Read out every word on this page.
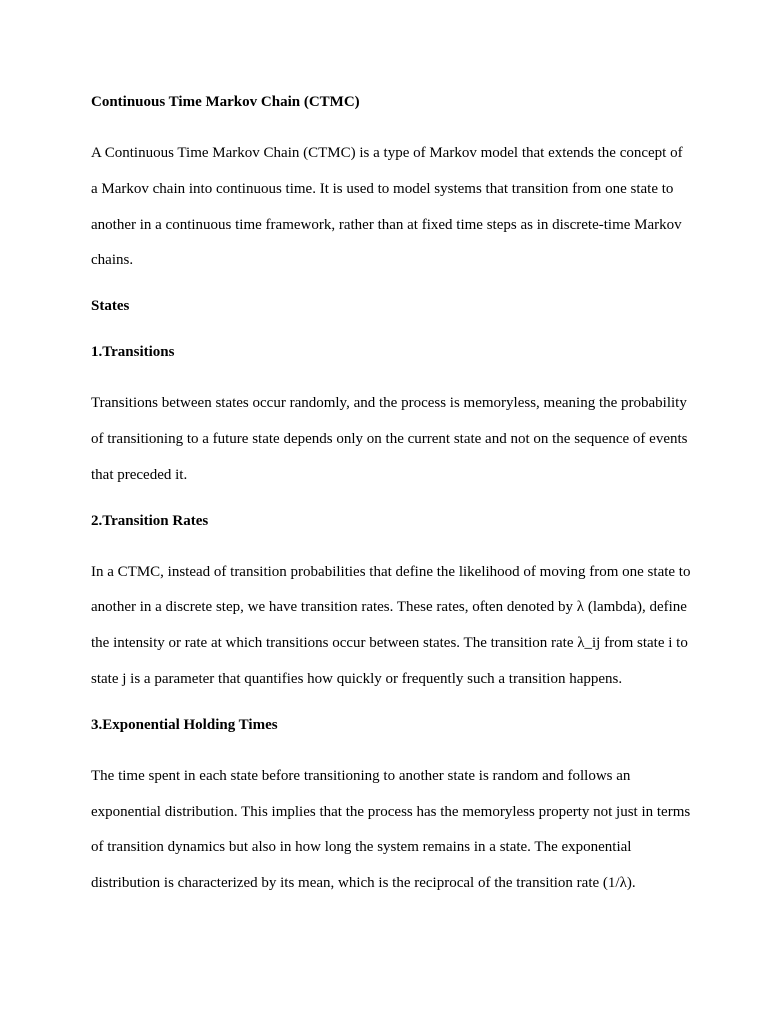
Continuous Time Markov Chain (CTMC)

A Continuous Time Markov Chain (CTMC) is a type of Markov model that extends the concept of a Markov chain into continuous time. It is used to model systems that transition from one state to another in a continuous time framework, rather than at fixed time steps as in discrete-time Markov chains.

States

1.Transitions

Transitions between states occur randomly, and the process is memoryless, meaning the probability of transitioning to a future state depends only on the current state and not on the sequence of events that preceded it.

2.Transition Rates

In a CTMC, instead of transition probabilities that define the likelihood of moving from one state to another in a discrete step, we have transition rates. These rates, often denoted by λ (lambda), define the intensity or rate at which transitions occur between states. The transition rate λ_ij from state i to state j is a parameter that quantifies how quickly or frequently such a transition happens.

3.Exponential Holding Times

The time spent in each state before transitioning to another state is random and follows an exponential distribution. This implies that the process has the memoryless property not just in terms of transition dynamics but also in how long the system remains in a state. The exponential distribution is characterized by its mean, which is the reciprocal of the transition rate (1/λ).
